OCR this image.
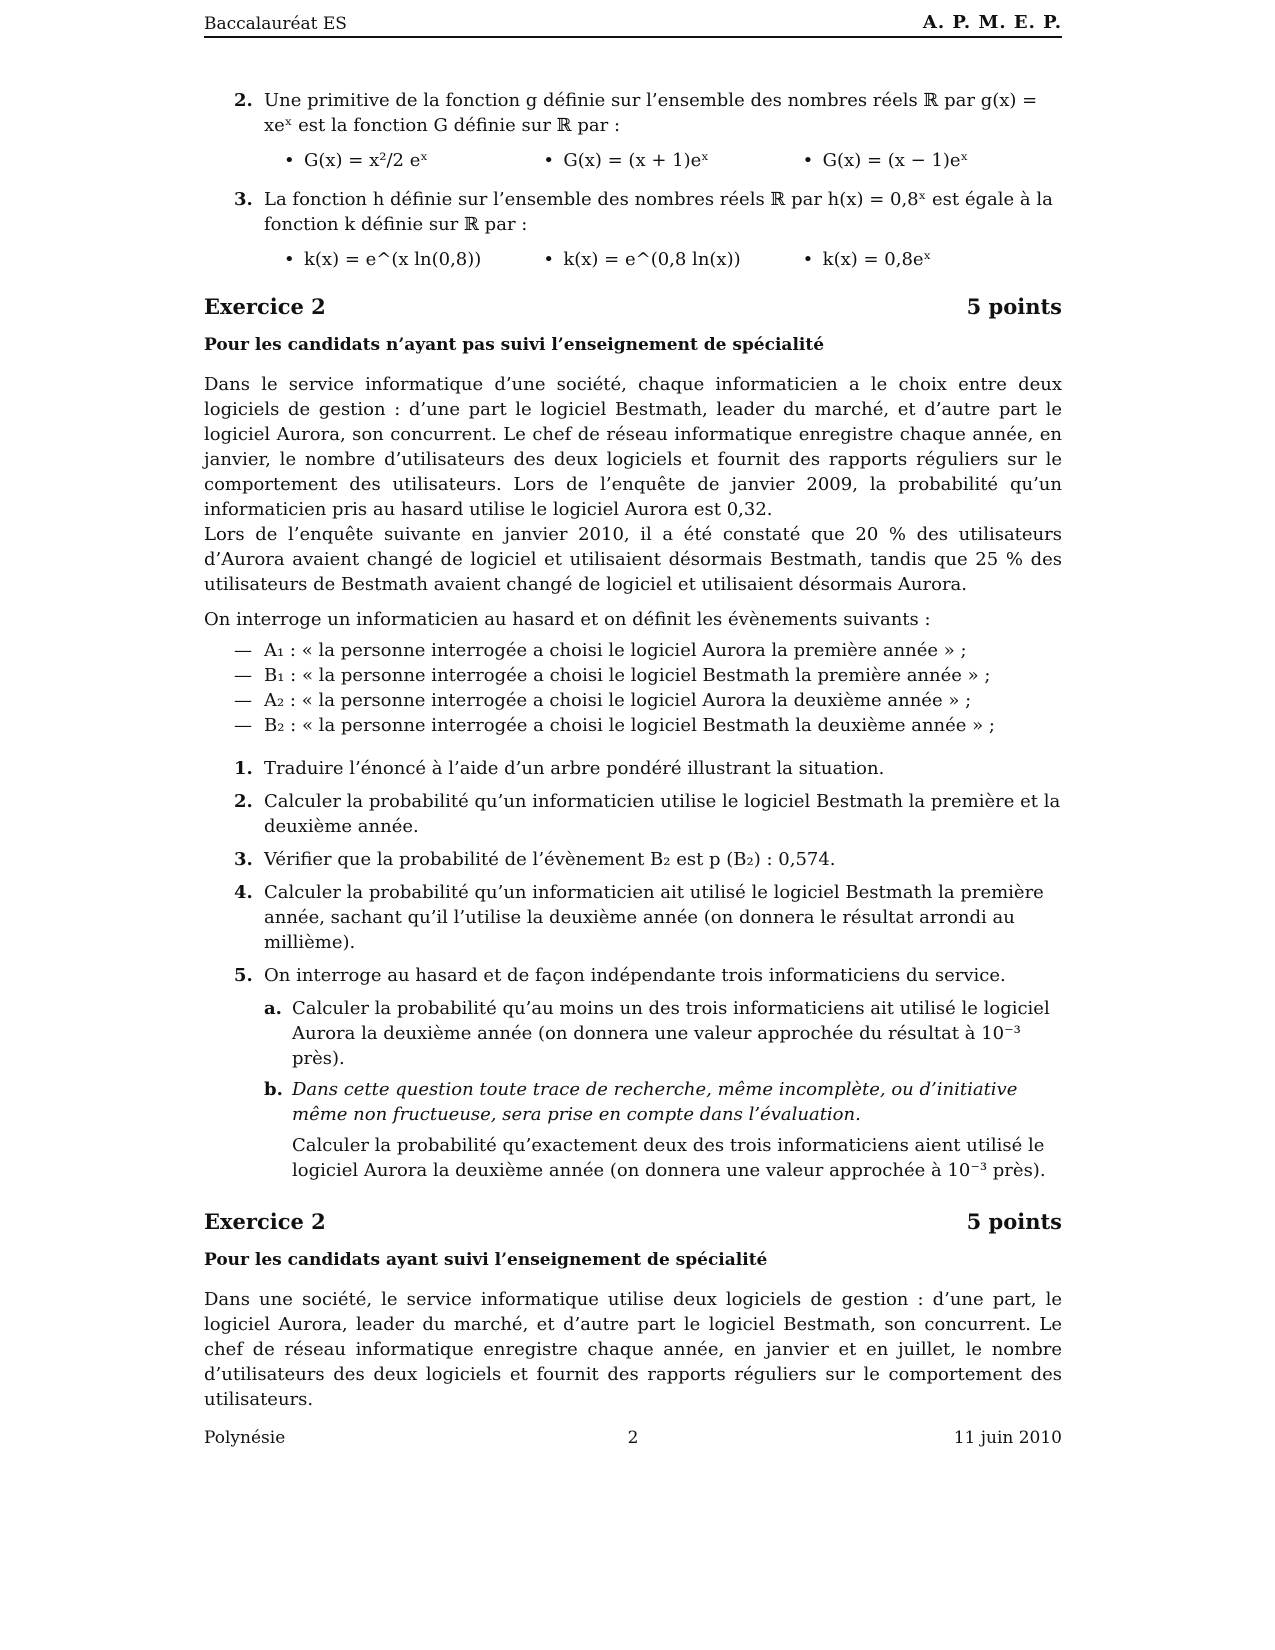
Baccalauréat ES	A. P. M. E. P.
2. Une primitive de la fonction g définie sur l’ensemble des nombres réels ℝ par g(x) = xeˣ est la fonction G définie sur ℝ par :
• G(x) = x²/2 eˣ	• G(x) = (x + 1)eˣ	• G(x) = (x − 1)eˣ
3. La fonction h définie sur l’ensemble des nombres réels ℝ par h(x) = 0,8ˣ est égale à la fonction k définie sur ℝ par :
• k(x) = e^(x ln(0,8))	• k(x) = e^(0,8 ln(x))	• k(x) = 0,8eˣ
Exercice 2	5 points
Pour les candidats n’ayant pas suivi l’enseignement de spécialité

Dans le service informatique d’une société, chaque informaticien a le choix entre deux logiciels de gestion : d’une part le logiciel Bestmath, leader du marché, et d’autre part le logiciel Aurora, son concurrent. Le chef de réseau informatique enregistre chaque année, en janvier, le nombre d’utilisateurs des deux logiciels et fournit des rapports réguliers sur le comportement des utilisateurs. Lors de l’enquête de janvier 2009, la probabilité qu’un informaticien pris au hasard utilise le logiciel Aurora est 0,32.

Lors de l’enquête suivante en janvier 2010, il a été constaté que 20 % des utilisateurs d’Aurora avaient changé de logiciel et utilisaient désormais Bestmath, tandis que 25 % des utilisateurs de Bestmath avaient changé de logiciel et utilisaient désormais Aurora.

On interroge un informaticien au hasard et on définit les évènements suivants :

— A₁ : « la personne interrogée a choisi le logiciel Aurora la première année » ;
— B₁ : « la personne interrogée a choisi le logiciel Bestmath la première année » ;
— A₂ : « la personne interrogée a choisi le logiciel Aurora la deuxième année » ;
— B₂ : « la personne interrogée a choisi le logiciel Bestmath la deuxième année » ;
1. Traduire l’énoncé à l’aide d’un arbre pondéré illustrant la situation.
2. Calculer la probabilité qu’un informaticien utilise le logiciel Bestmath la première et la deuxième année.
3. Vérifier que la probabilité de l’évènement B₂ est p (B₂) : 0,574.
4. Calculer la probabilité qu’un informaticien ait utilisé le logiciel Bestmath la première année, sachant qu’il l’utilise la deuxième année (on donnera le résultat arrondi au millième).
5. On interroge au hasard et de façon indépendante trois informaticiens du service.
a. Calculer la probabilité qu’au moins un des trois informaticiens ait utilisé le logiciel Aurora la deuxième année (on donnera une valeur approchée du résultat à 10⁻³ près).
b. Dans cette question toute trace de recherche, même incomplète, ou d’initiative même non fructueuse, sera prise en compte dans l’évaluation.
Calculer la probabilité qu’exactement deux des trois informaticiens aient utilisé le logiciel Aurora la deuxième année (on donnera une valeur approchée à 10⁻³ près).
Exercice 2	5 points
Pour les candidats ayant suivi l’enseignement de spécialité

Dans une société, le service informatique utilise deux logiciels de gestion : d’une part, le logiciel Aurora, leader du marché, et d’autre part le logiciel Bestmath, son concurrent. Le chef de réseau informatique enregistre chaque année, en janvier et en juillet, le nombre d’utilisateurs des deux logiciels et fournit des rapports réguliers sur le comportement des utilisateurs.

Polynésie	2	11 juin 2010
